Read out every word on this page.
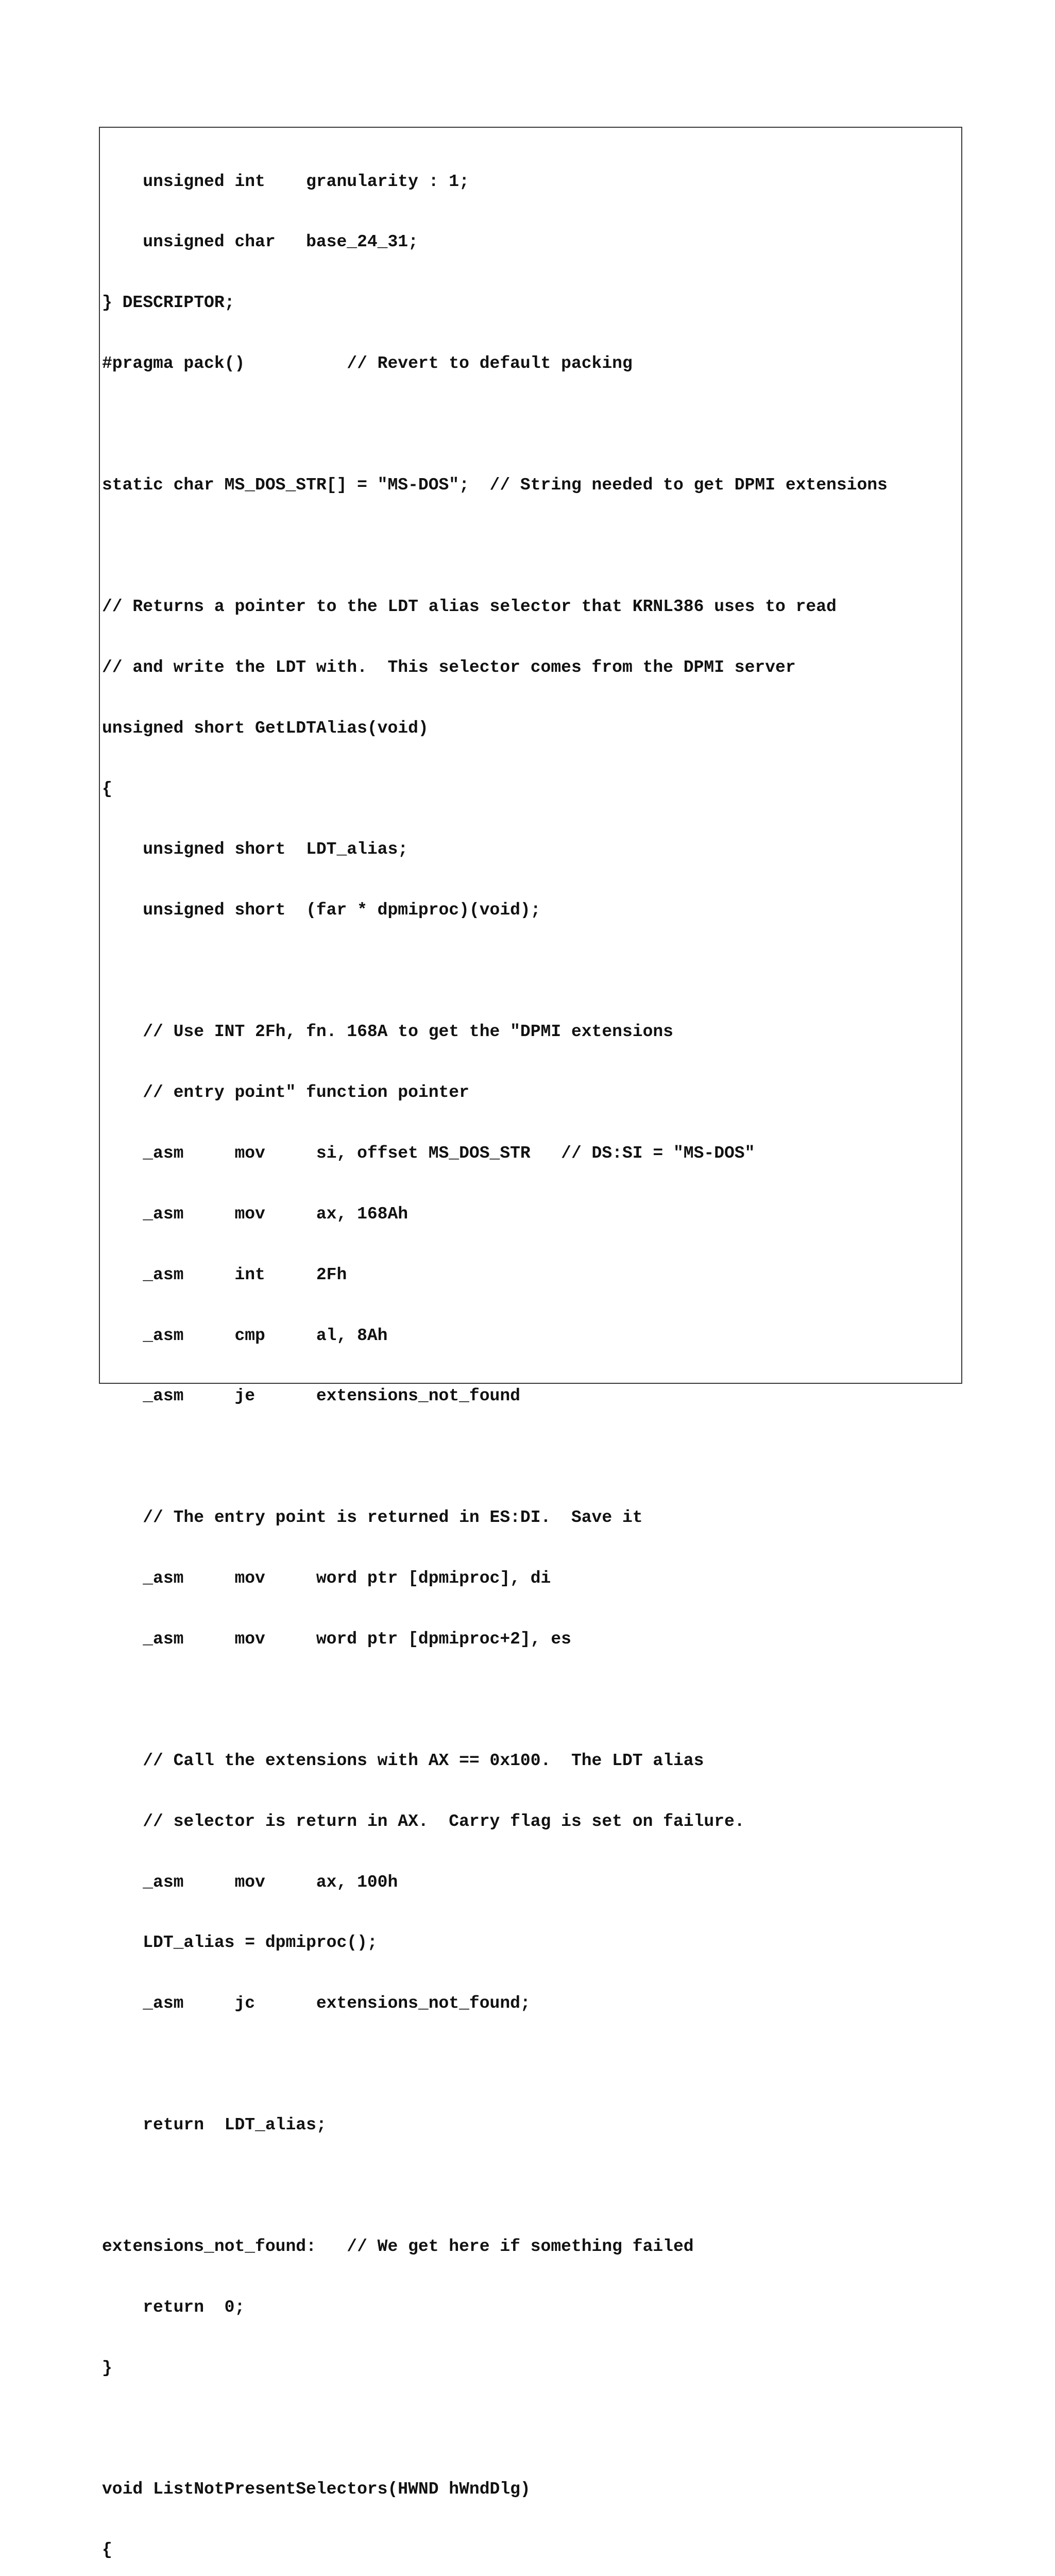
unsigned int    granularity : 1;

unsigned char   base_24_31;

} DESCRIPTOR;

#pragma pack()          // Revert to default packing

static char MS_DOS_STR[] = "MS-DOS";  // String needed to get DPMI extensions

// Returns a pointer to the LDT alias selector that KRNL386 uses to read

// and write the LDT with.  This selector comes from the DPMI server

unsigned short GetLDTAlias(void)

{

unsigned short  LDT_alias;

unsigned short  (far * dpmiproc)(void);

// Use INT 2Fh, fn. 168A to get the "DPMI extensions

// entry point" function pointer

_asm     mov     si, offset MS_DOS_STR   // DS:SI = "MS-DOS"

_asm     mov     ax, 168Ah

_asm     int     2Fh

_asm     cmp     al, 8Ah

_asm     je      extensions_not_found

// The entry point is returned in ES:DI.  Save it

_asm     mov     word ptr [dpmiproc], di

_asm     mov     word ptr [dpmiproc+2], es

// Call the extensions with AX == 0x100.  The LDT alias

// selector is return in AX.  Carry flag is set on failure.

_asm     mov     ax, 100h

LDT_alias = dpmiproc();

_asm     jc      extensions_not_found;

return  LDT_alias;

extensions_not_found:   // We get here if something failed

return  0;

}

void ListNotPresentSelectors(HWND hWndDlg)

{
